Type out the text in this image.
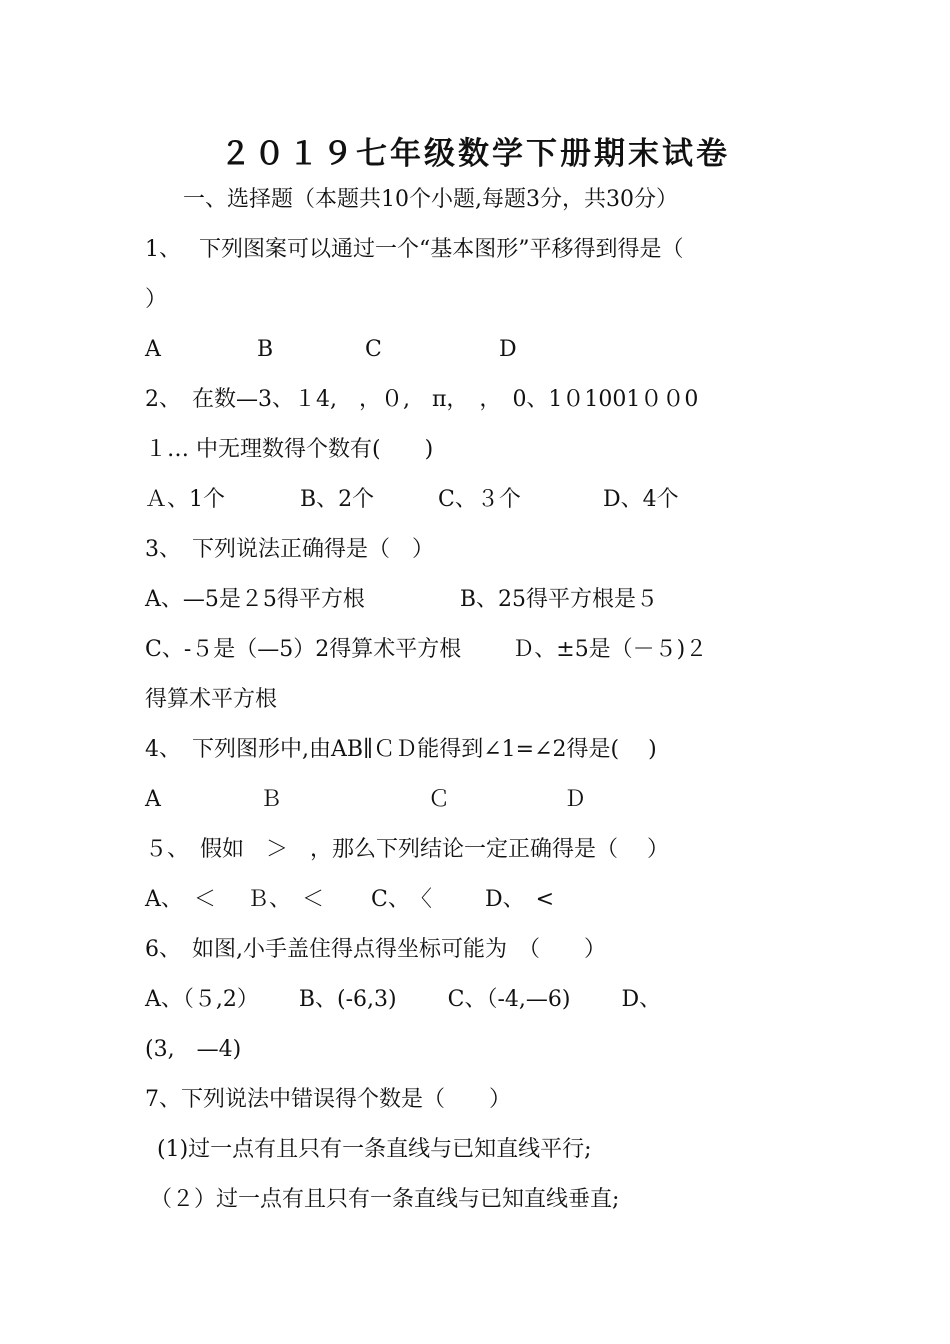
２０１９七年级数学下册期末试卷
一、选择题（本题共10个小题,每题3分，共30分）
1、　 下列图案可以通过一个“基本图形”平移得到得是（
）
A	B	C	D
2、　在数—3、１4,　，０,　π，　，　0、1０1001００0
１… 中无理数得个数有(　　)
Ａ、1个	B、2个	C、３个	D、4个
3、　下列说法正确得是（　）
A、—5是２5得平方根　　　　 B、25得平方根是５
C、-５是（—5）2得算术平方根　　 Ｄ、±5是（－５)２
得算术平方根
4、　下列图形中,由AB∥ＣＤ能得到∠1=∠2得是(　 )
A	Ｂ	Ｃ	Ｄ
５、　假如　＞　，那么下列结论一定正确得是（　 ）
A、　＜	Ｂ、　＜	C、　〈	D、　<
6、　如图,小手盖住得点得坐标可能为　（　　）
A、（５,2）　　 B、(-6,3)　　 C、（-4,—6)　　 D、
(3,　—4)
7、下列说法中错误得个数是（　　）
(1)过一点有且只有一条直线与已知直线平行;
（２）过一点有且只有一条直线与已知直线垂直;
